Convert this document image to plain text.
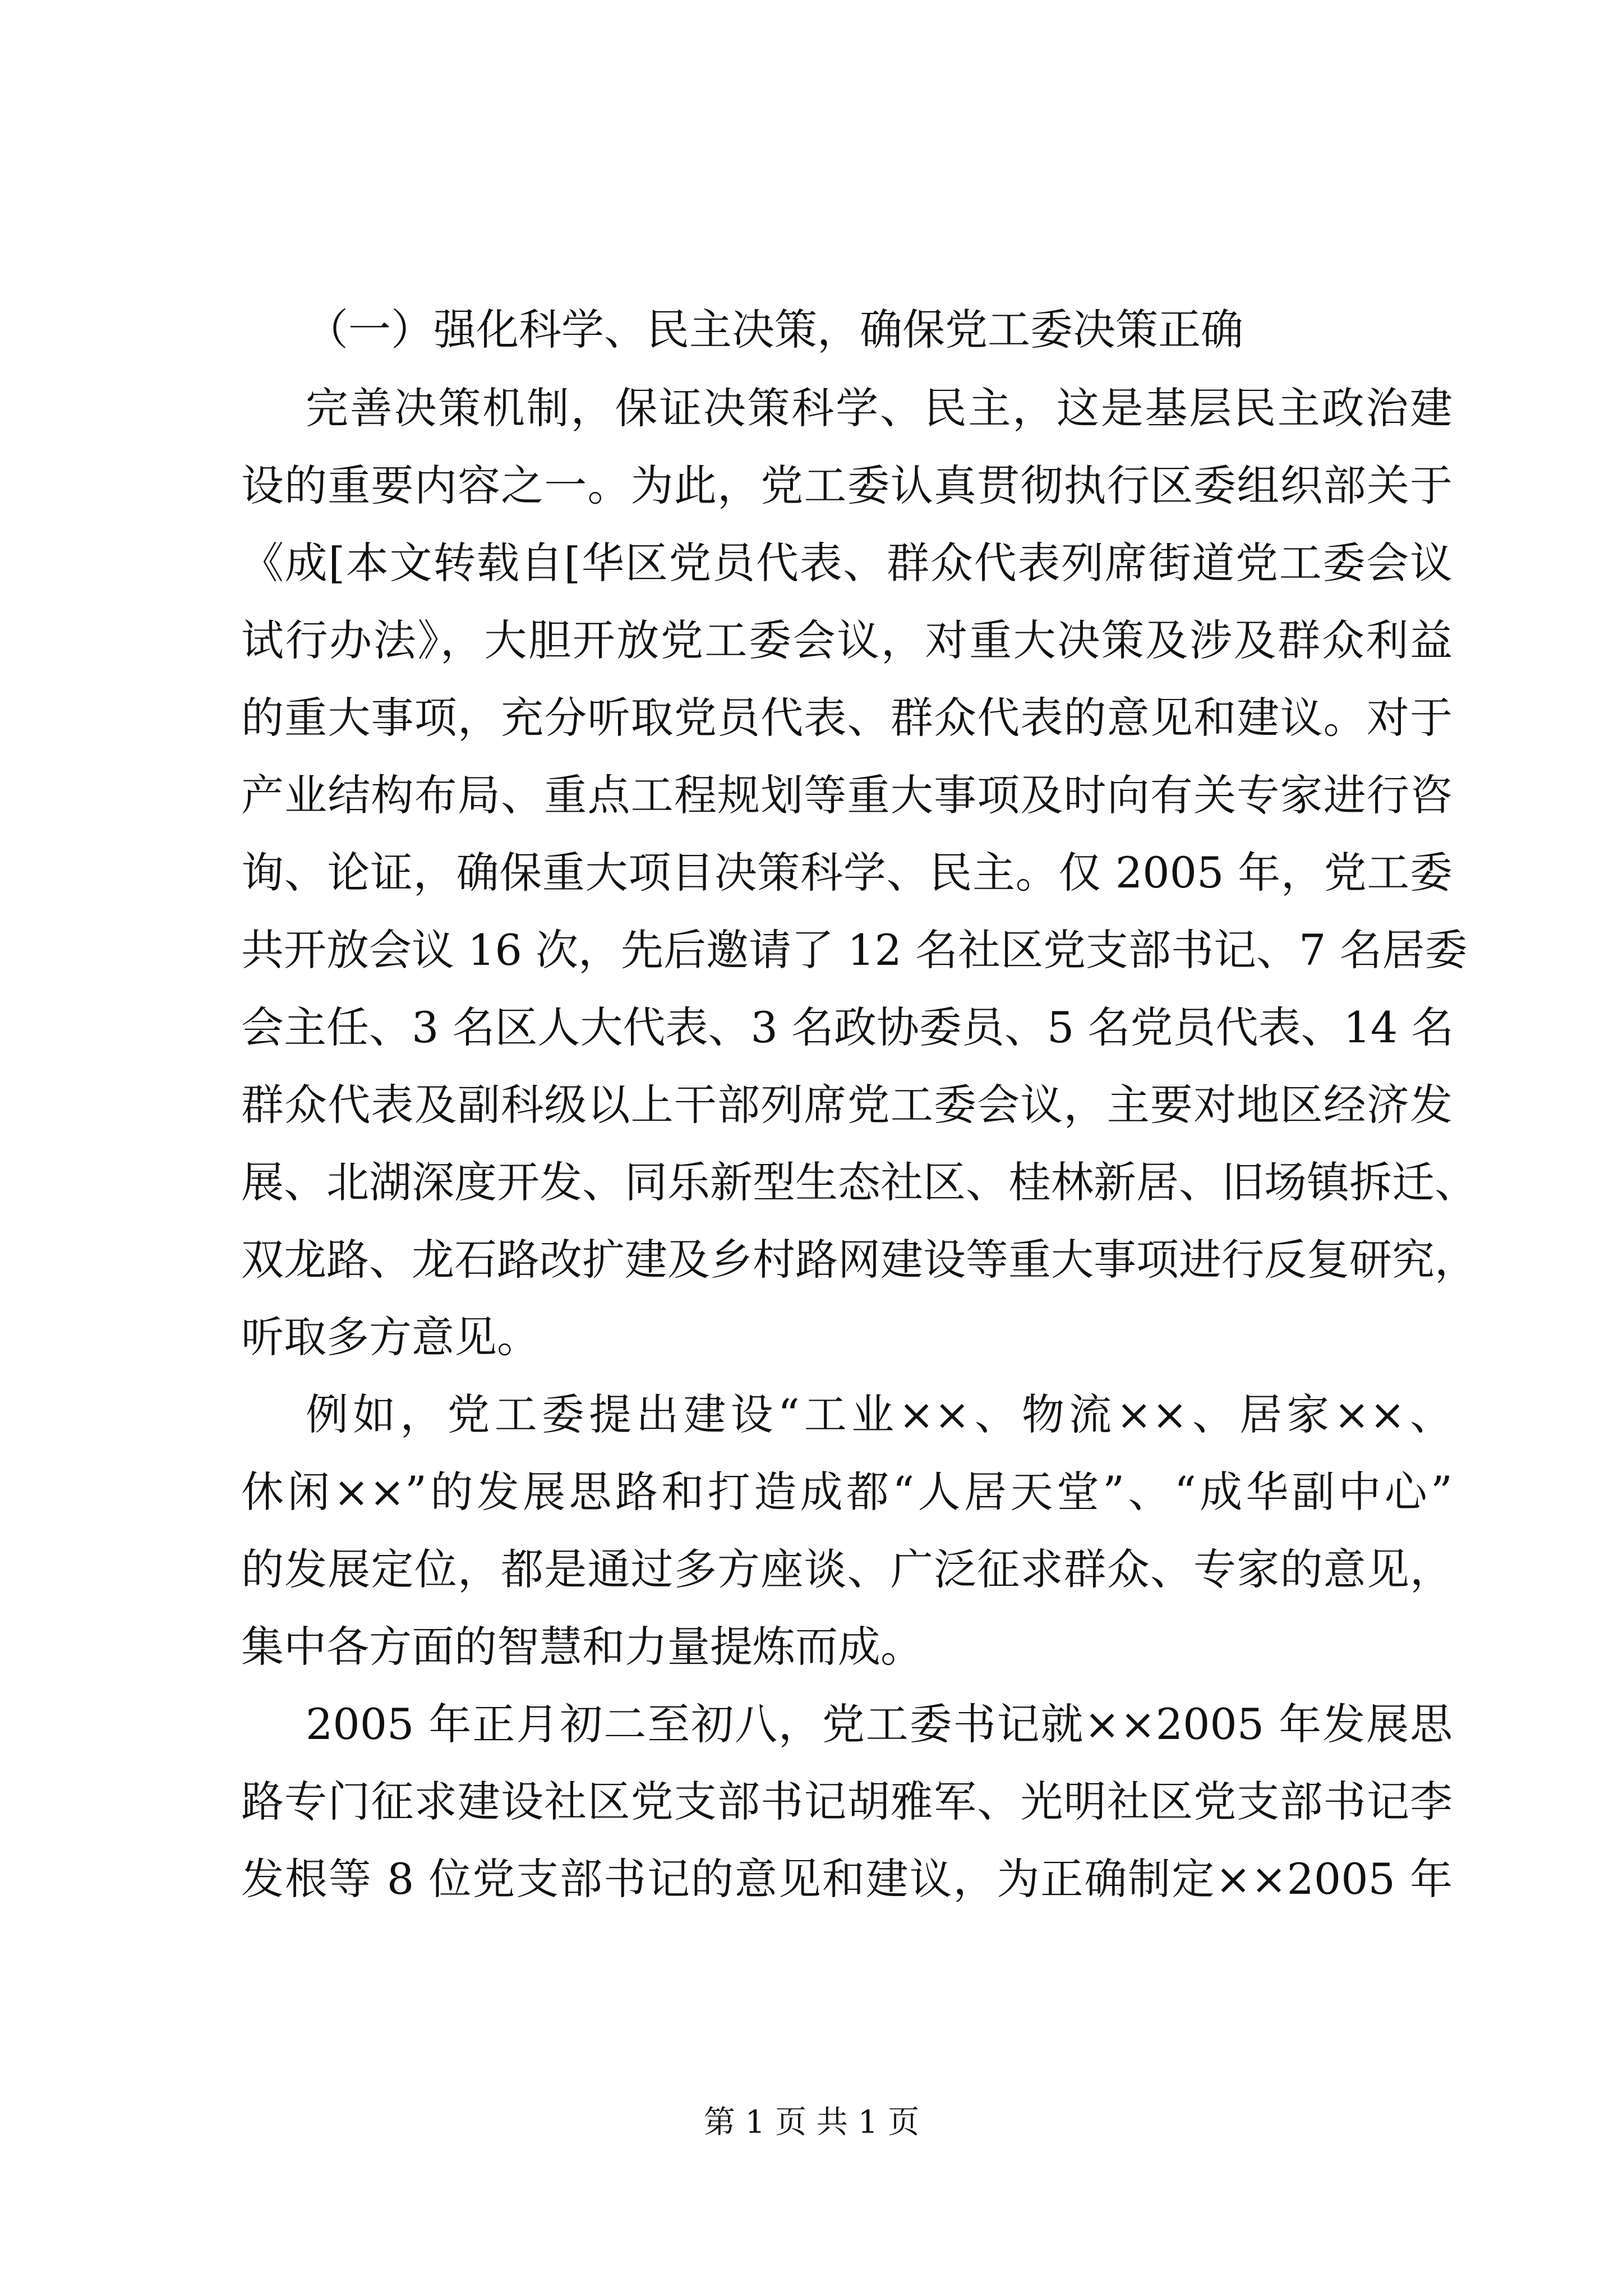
（一）强化科学、民主决策，确保党工委决策正确

完善决策机制，保证决策科学、民主，这是基层民主政治建

设的重要内容之一。为此，党工委认真贯彻执行区委组织部关于

《成[本文转载自[华区党员代表、群众代表列席街道党工委会议

试行办法》，大胆开放党工委会议，对重大决策及涉及群众利益

的重大事项，充分听取党员代表、群众代表的意见和建议。对于

产业结构布局、重点工程规划等重大事项及时向有关专家进行咨

询、论证，确保重大项目决策科学、民主。仅 2005 年，党工委

共开放会议 16 次，先后邀请了 12 名社区党支部书记、7 名居委

会主任、3 名区人大代表、3 名政协委员、5 名党员代表、14 名

群众代表及副科级以上干部列席党工委会议，主要对地区经济发

展、北湖深度开发、同乐新型生态社区、桂林新居、旧场镇拆迁、

双龙路、龙石路改扩建及乡村路网建设等重大事项进行反复研究，

听取多方意见。

例如，党工委提出建设“工业××、物流××、居家××、

休闲××”的发展思路和打造成都“人居天堂”、“成华副中心”

的发展定位，都是通过多方座谈、广泛征求群众、专家的意见，

集中各方面的智慧和力量提炼而成。

2005 年正月初二至初八，党工委书记就××2005 年发展思

路专门征求建设社区党支部书记胡雅军、光明社区党支部书记李

发根等 8 位党支部书记的意见和建议，为正确制定××2005 年

第 1 页 共 1 页
